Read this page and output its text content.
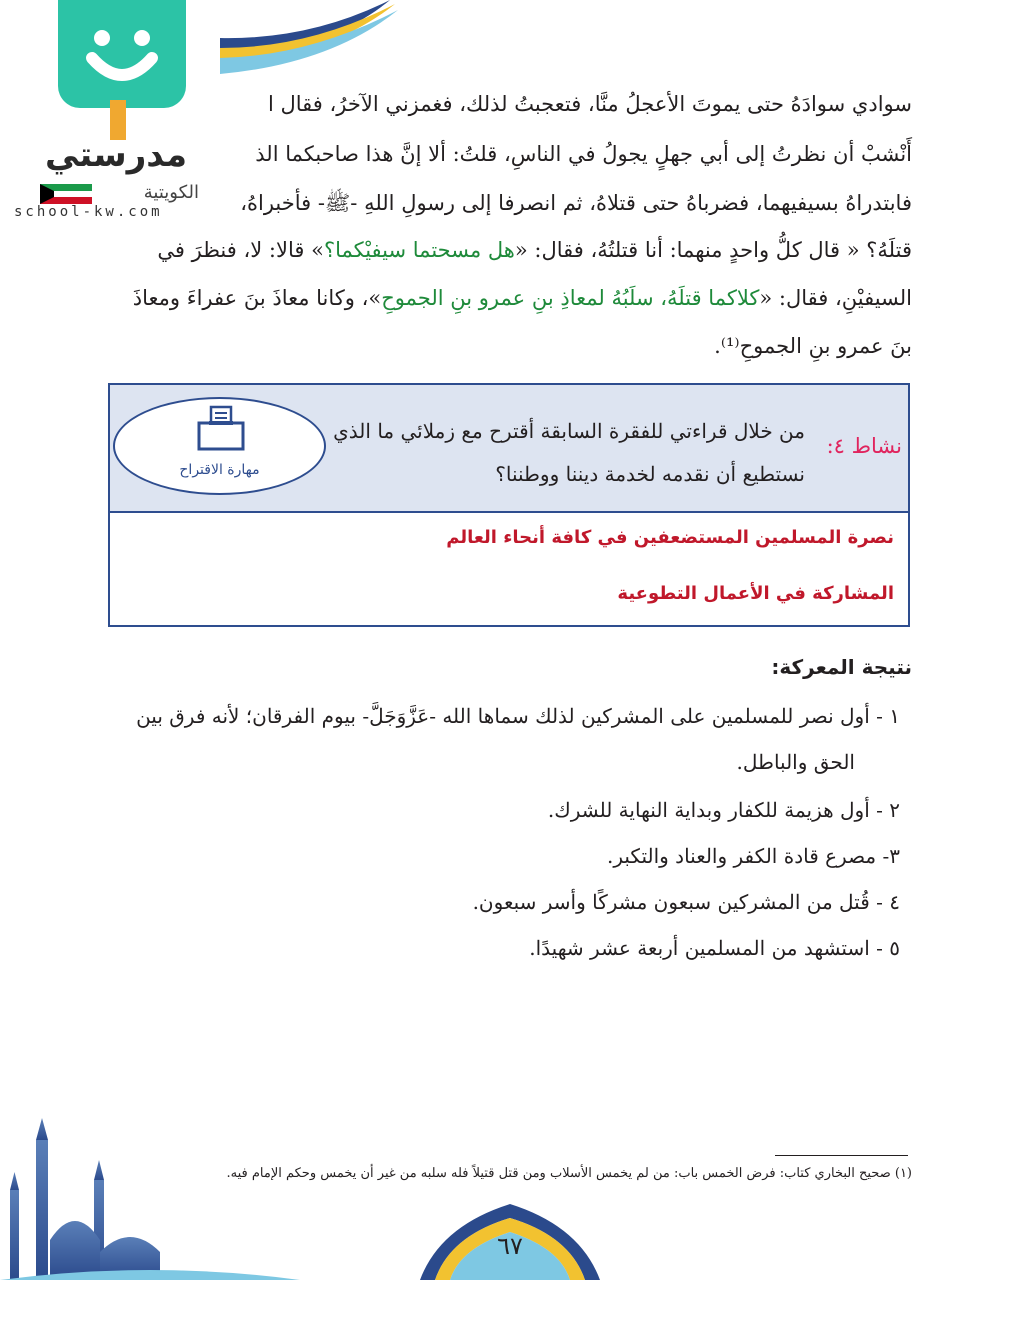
مدرستي
الكويتية
school-kw.com
سوادي سوادَهُ حتى يموتَ الأعجلُ منَّا، فتعجبتُ لذلك، فغمزني الآخرُ، فقال ا
أَنْشبْ أن نظرتُ إلى أبي جهلٍ يجولُ في الناسِ، قلتُ: ألا إنَّ هذا صاحبكما الذ
فابتدراهُ بسيفيهما، فضرباهُ حتى قتلاهُ، ثم انصرفا إلى رسولِ اللهِ -ﷺ- فأخبراهُ،
قتلَهُ؟ « قال كلُّ واحدٍ منهما: أنا قتلتُهُ، فقال: «هل مسحتما سيفيْكما؟» قالا: لا، فنظرَ في
السيفيْنِ، فقال: «كلاكما قتلَهُ، سلَبُهُ لمعاذِ بنِ عمرو بنِ الجموحِ»، وكانا معاذَ بنَ عفراءَ ومعاذَ
بنَ عمرو بنِ الجموحِ⁽¹⁾.
مهارة الاقتراح
نشاط ٤:
من خلال قراءتي للفقرة السابقة أقترح مع زملائي ما الذي
نستطيع أن نقدمه لخدمة ديننا ووطننا؟
نصرة المسلمين المستضعفين في كافة أنحاء العالم
المشاركة في الأعمال التطوعية
نتيجة المعركة:
١ - أول نصر للمسلمين على المشركين لذلك سماها الله -عَزَّوَجَلَّ- بيوم الفرقان؛ لأنه فرق بين
الحق والباطل.
٢ - أول هزيمة للكفار وبداية النهاية للشرك.
٣- مصرع قادة الكفر والعناد والتكبر.
٤ - قُتل من المشركين سبعون مشركًا وأسر سبعون.
٥ - استشهد من المسلمين أربعة عشر شهيدًا.
(١) صحيح البخاري كتاب: فرض الخمس باب: من لم يخمس الأسلاب ومن قتل قتيلاً فله سلبه من غير أن يخمس وحكم الإمام فيه.
٦٧
